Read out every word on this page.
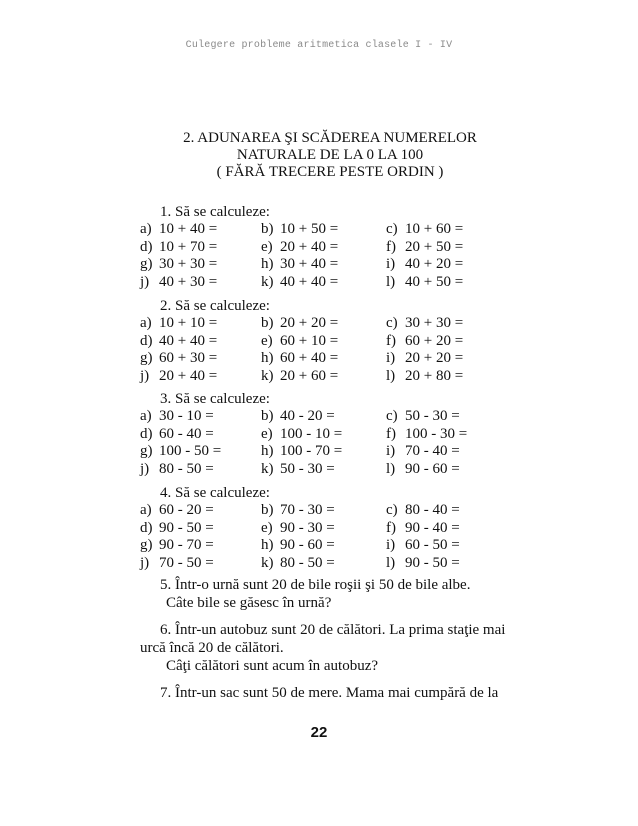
Culegere probleme aritmetica clasele I - IV
2. ADUNAREA ŞI SCĂDEREA NUMERELOR
NATURALE DE LA 0 LA 100
( FĂRĂ TRECERE PESTE ORDIN )
1. Să se calculeze:
a) 10 + 40 =	b) 10 + 50 =	c) 10 + 60 =
d) 10 + 70 =	e) 20 + 40 =	f) 20 + 50 =
g) 30 + 30 =	h) 30 + 40 =	i) 40 + 20 =
j) 40 + 30 =	k) 40 + 40 =	l) 40 + 50 =
2. Să se calculeze:
a) 10 + 10 =	b) 20 + 20 =	c) 30 + 30 =
d) 40 + 40 =	e) 60 + 10 =	f) 60 + 20 =
g) 60 + 30 =	h) 60 + 40 =	i) 20 + 20 =
j) 20 + 40 =	k) 20 + 60 =	l) 20 + 80 =
3. Să se calculeze:
a) 30 - 10 =	b) 40 - 20 =	c) 50 - 30 =
d) 60 - 40 =	e) 100 - 10 =	f) 100 - 30 =
g) 100 - 50 =	h) 100 - 70 =	i) 70 - 40 =
j) 80 - 50 =	k) 50 - 30 =	l) 90 - 60 =
4. Să se calculeze:
a) 60 - 20 =	b) 70 - 30 =	c) 80 - 40 =
d) 90 - 50 =	e) 90 - 30 =	f) 90 - 40 =
g) 90 - 70 =	h) 90 - 60 =	i) 60 - 50 =
j) 70 - 50 =	k) 80 - 50 =	l) 90 - 50 =

5. Într-o urnă sunt 20 de bile roşii şi 50 de bile albe.

Câte bile se găsesc în urnă?

6. Într-un autobuz sunt 20 de călători. La prima staţie mai

urcă încă 20 de călători.

Câţi călători sunt acum în autobuz?

7. Într-un sac sunt 50 de mere. Mama mai cumpără de la

22
